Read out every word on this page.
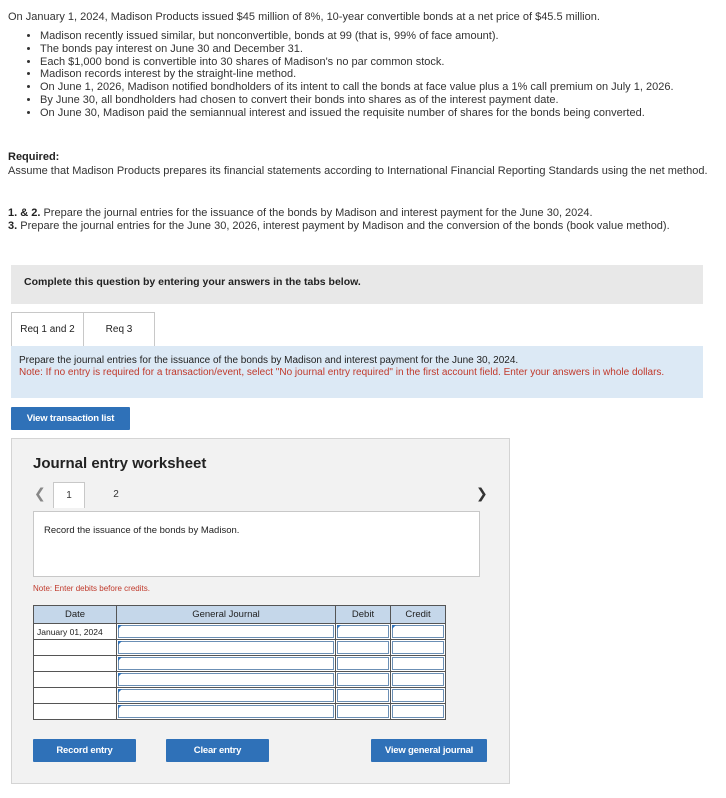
On January 1, 2024, Madison Products issued $45 million of 8%, 10-year convertible bonds at a net price of $45.5 million.

• Madison recently issued similar, but nonconvertible, bonds at 99 (that is, 99% of face amount).
• The bonds pay interest on June 30 and December 31.
• Each $1,000 bond is convertible into 30 shares of Madison's no par common stock.
• Madison records interest by the straight-line method.
• On June 1, 2026, Madison notified bondholders of its intent to call the bonds at face value plus a 1% call premium on July 1, 2026.
• By June 30, all bondholders had chosen to convert their bonds into shares as of the interest payment date.
• On June 30, Madison paid the semiannual interest and issued the requisite number of shares for the bonds being converted.
Required:
Assume that Madison Products prepares its financial statements according to International Financial Reporting Standards using the net method.
1. & 2. Prepare the journal entries for the issuance of the bonds by Madison and interest payment for the June 30, 2024.
3. Prepare the journal entries for the June 30, 2026, interest payment by Madison and the conversion of the bonds (book value method).
Complete this question by entering your answers in the tabs below.
Req 1 and 2	Req 3
Prepare the journal entries for the issuance of the bonds by Madison and interest payment for the June 30, 2024.
Note: If no entry is required for a transaction/event, select "No journal entry required" in the first account field. Enter your answers in whole dollars.
View transaction list
Journal entry worksheet
❮	1	2	❯
Record the issuance of the bonds by Madison.
Note: Enter debits before credits.
Date	General Journal	Debit	Credit
January 01, 2024	

Record entry	Clear entry	View general journal
